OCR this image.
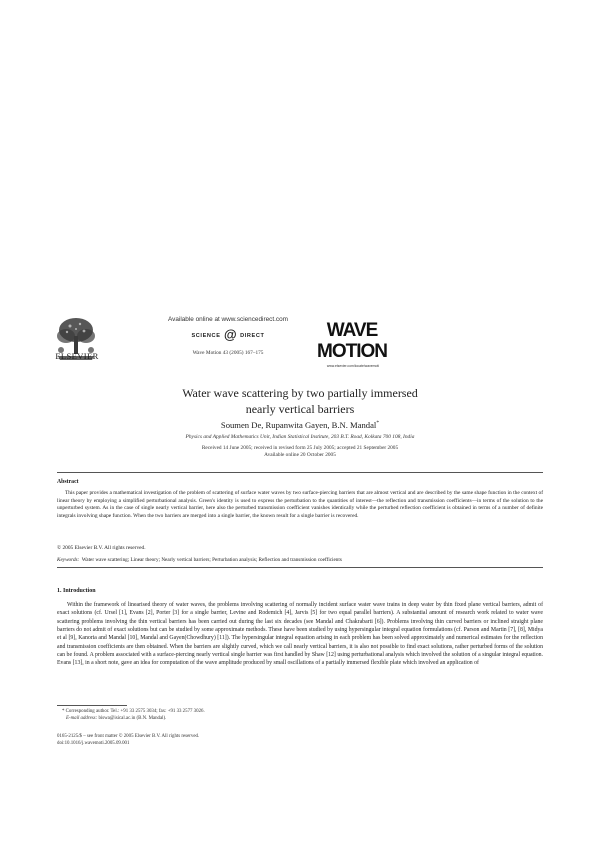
ELSEVIER
Available online at www.sciencedirect.com
SCIENCE @ DIRECT
Wave Motion 43 (2005) 167–175
WAVE
MOTION
www.elsevier.com/locate/wavemoti
Water wave scattering by two partially immersed
nearly vertical barriers
Soumen De, Rupanwita Gayen, B.N. Mandal*
Physics and Applied Mathematics Unit, Indian Statistical Institute, 203 B.T. Road, Kolkata 700 108, India
Received 14 June 2005; received in revised form 25 July 2005; accepted 21 September 2005
Available online 20 October 2005
Abstract
This paper provides a mathematical investigation of the problem of scattering of surface water waves by two surface-piercing barriers that are almost vertical and are described by the same shape function in the context of linear theory by employing a simplified perturbational analysis. Green's identity is used to express the perturbation to the quantities of interest—the reflection and transmission coefficients—in terms of the solution to the unperturbed system. As in the case of single nearly vertical barrier, here also the perturbed transmission coefficient vanishes identically while the perturbed reflection coefficient is obtained in terms of a number of definite integrals involving shape function. When the two barriers are merged into a single barrier, the known result for a single barrier is recovered.
© 2005 Elsevier B.V. All rights reserved.
Keywords: Water wave scattering; Linear theory; Nearly vertical barriers; Perturbation analysis; Reflection and transmission coefficients
1. Introduction
Within the framework of linearised theory of water waves, the problems involving scattering of normally incident surface water wave trains in deep water by thin fixed plane vertical barriers, admit of exact solutions (cf. Ursel [1], Evans [2], Porter [3] for a single barrier, Levine and Rodemich [4], Jarvis [5] for two equal parallel barriers). A substantial amount of research work related to water wave scattering problems involving the thin vertical barriers has been carried out during the last six decades (see Mandal and Chakrabarti [6]). Problems involving thin curved barriers or inclined straight plane barriers do not admit of exact solutions but can be studied by some approximate methods. These have been studied by using hypersingular integral equation formulations (cf. Parson and Martin [7], [8], Midya et al [9], Kanoria and Mandal [10], Mandal and Gayen(Chowdhury) [11]). The hypersingular integral equation arising in each problem has been solved approximately and numerical estimates for the reflection and transmission coefficients are then obtained. When the barriers are slightly curved, which we call nearly vertical barriers, it is also not possible to find exact solutions, rather perturbed forms of the solution can be found. A problem associated with a surface-piercing nearly vertical single barrier was first handled by Shaw [12] using perturbational analysis which involved the solution of a singular integral equation. Evans [13], in a short note, gave an idea for computation of the wave amplitude produced by small oscillations of a partially immersed flexible plate which involved an application of
* Corresponding author. Tel.: +91 33 2575 3034; fax: +91 33 2577 3026.
E-mail address: biswa@isical.ac.in (B.N. Mandal).
0165-2125/$ – see front matter © 2005 Elsevier B.V. All rights reserved.
doi:10.1016/j.wavemoti.2005.09.001
